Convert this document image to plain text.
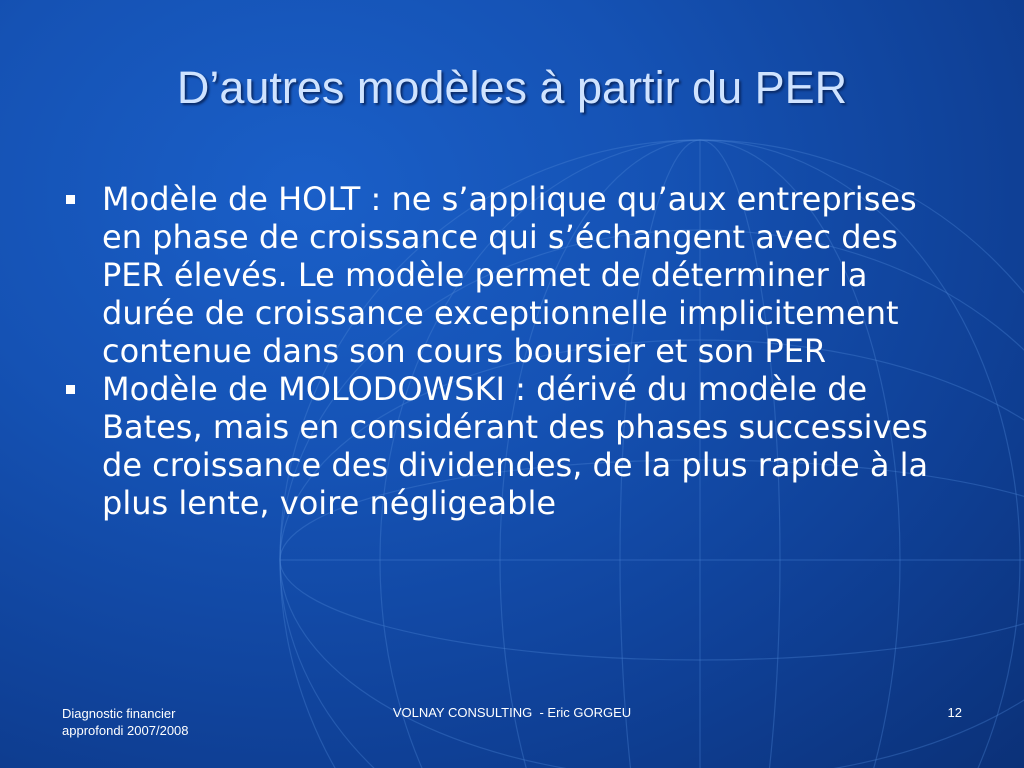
D’autres modèles à partir du PER
Modèle de HOLT : ne s’applique qu’aux entreprises en phase de croissance qui s’échangent avec des PER élevés. Le modèle permet de déterminer la durée de croissance exceptionnelle implicitement contenue dans son cours boursier et son PER
Modèle de MOLODOWSKI : dérivé du modèle de Bates, mais en considérant des phases successives de croissance des dividendes, de la plus rapide à la plus lente, voire négligeable
Diagnostic financier
approfondi 2007/2008
VOLNAY CONSULTING  - Eric GORGEU	12
